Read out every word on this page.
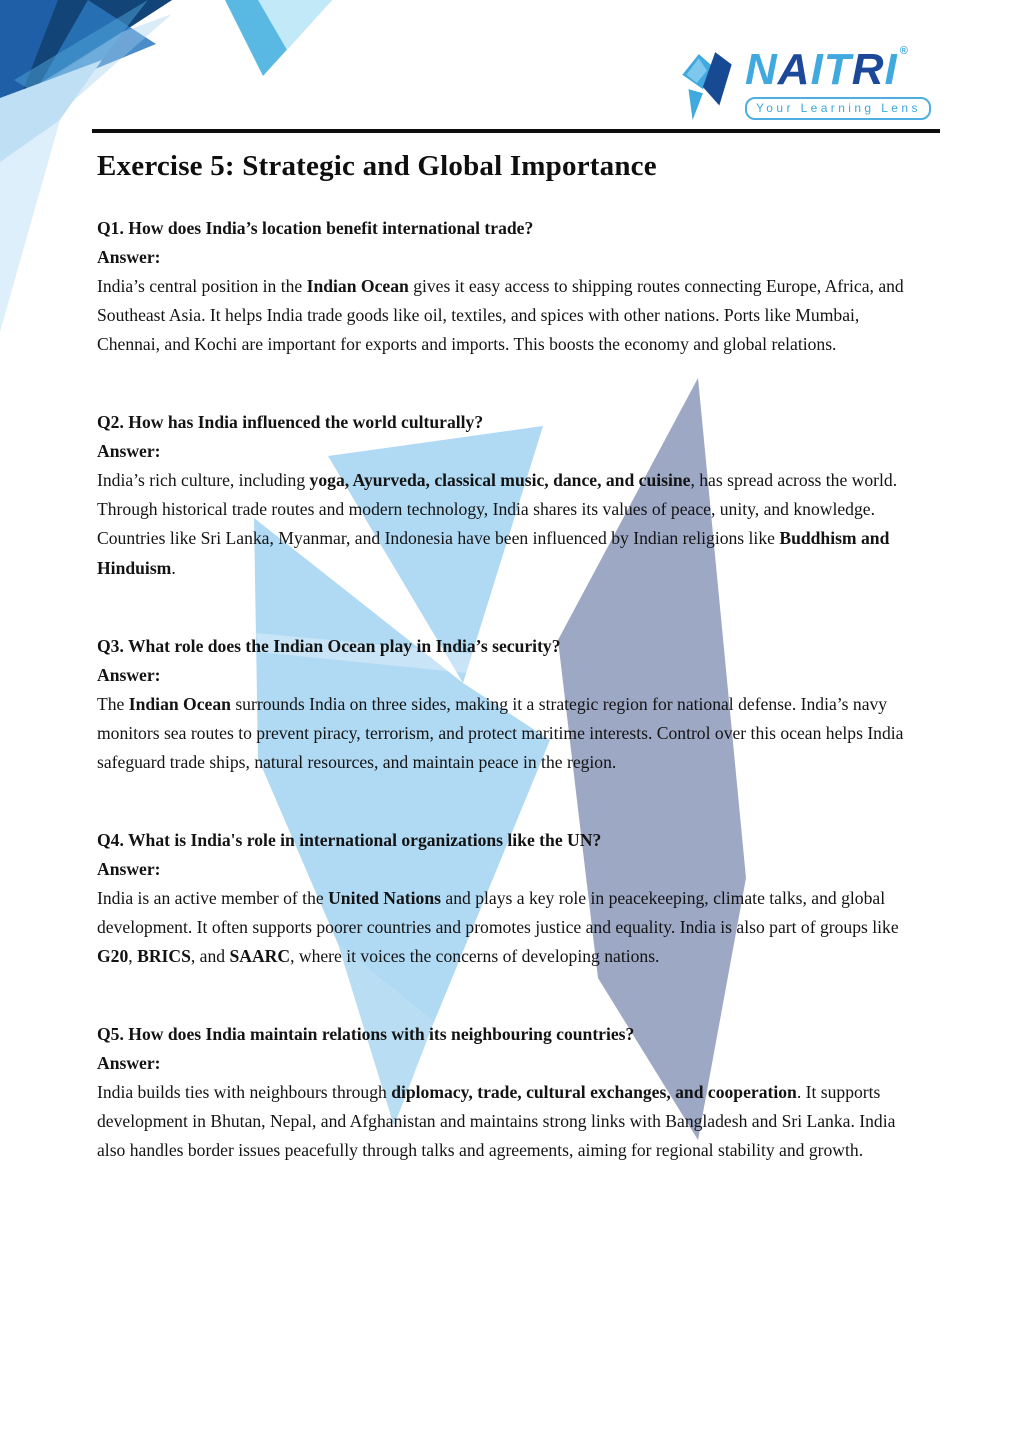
NAITRI ®
Your Learning Lens
Exercise 5: Strategic and Global Importance
Q1. How does India’s location benefit international trade?
Answer:

India’s central position in the Indian Ocean gives it easy access to shipping routes connecting Europe, Africa, and Southeast Asia. It helps India trade goods like oil, textiles, and spices with other nations. Ports like Mumbai, Chennai, and Kochi are important for exports and imports. This boosts the economy and global relations.

Q2. How has India influenced the world culturally?
Answer:

India’s rich culture, including yoga, Ayurveda, classical music, dance, and cuisine, has spread across the world. Through historical trade routes and modern technology, India shares its values of peace, unity, and knowledge. Countries like Sri Lanka, Myanmar, and Indonesia have been influenced by Indian religions like Buddhism and Hinduism.

Q3. What role does the Indian Ocean play in India’s security?
Answer:

The Indian Ocean surrounds India on three sides, making it a strategic region for national defense. India’s navy monitors sea routes to prevent piracy, terrorism, and protect maritime interests. Control over this ocean helps India safeguard trade ships, natural resources, and maintain peace in the region.

Q4. What is India's role in international organizations like the UN?
Answer:

India is an active member of the United Nations and plays a key role in peacekeeping, climate talks, and global development. It often supports poorer countries and promotes justice and equality. India is also part of groups like G20, BRICS, and SAARC, where it voices the concerns of developing nations.

Q5. How does India maintain relations with its neighbouring countries?
Answer:

India builds ties with neighbours through diplomacy, trade, cultural exchanges, and cooperation. It supports development in Bhutan, Nepal, and Afghanistan and maintains strong links with Bangladesh and Sri Lanka. India also handles border issues peacefully through talks and agreements, aiming for regional stability and growth.
